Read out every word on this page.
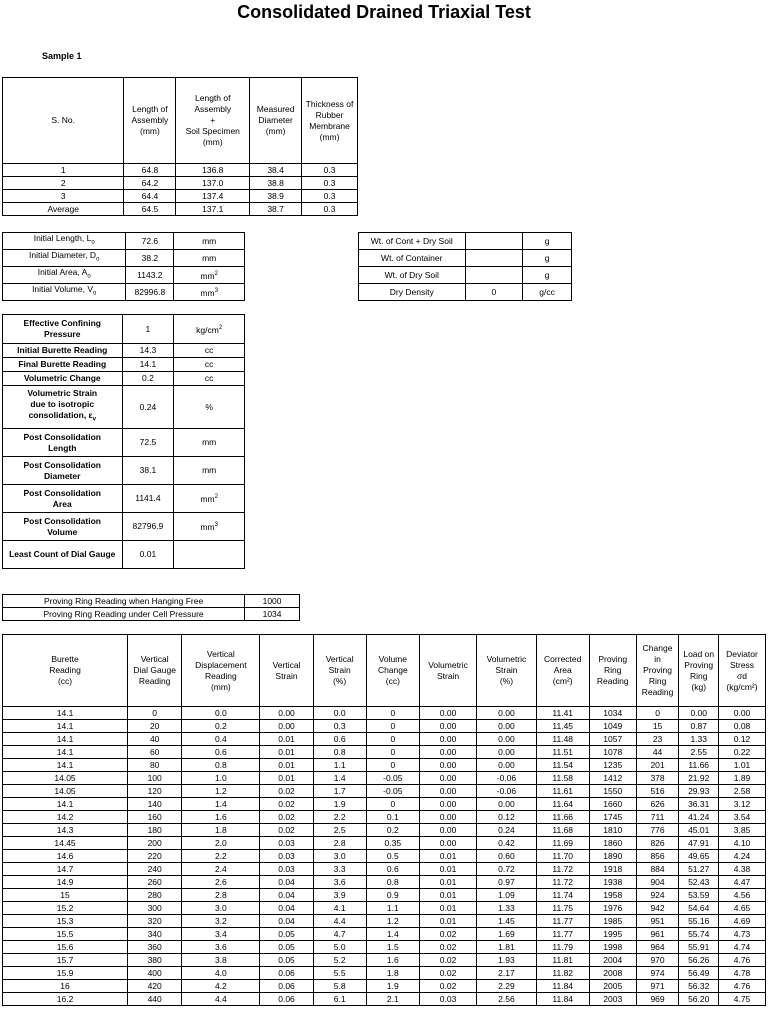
Consolidated Drained Triaxial Test
Sample 1
S. No.	Length of
Assembly
(mm)	Length of
Assembly
+
Soil Specimen
(mm)	Measured
Diameter
(mm)	Thickness of
Rubber
Membrane
(mm)
1	64.8	136.8	38.4	0.3
2	64.2	137.0	38.8	0.3
3	64.4	137.4	38.9	0.3
Average	64.5	137.1	38.7	0.3
Initial Length, $L_o$	72.6	mm
Initial Diameter, $D_o$	38.2	mm
Initial Area, $A_o$	1143.2	$mm^2$
Initial Volume, $V_o$	82996.8	$mm^3$
Wt. of Cont + Dry Soil		g
Wt. of Container		g
Wt. of Dry Soil		g
Dry Density	0	g/cc
Effective Confining
Pressure	1	$kg/cm^2$
Initial Burette Reading	14.3	cc
Final Burette Reading	14.1	cc
Volumetric Change	0.2	cc
Volumetric Strain
due to isotropic
consolidation, $\varepsilon_v$	0.24	%
Post Consolidation
Length	72.5	mm
Post Consolidation
Diameter	38.1	mm
Post Consolidation
Area	1141.4	$mm^2$
Post Consolidation
Volume	82796.9	$mm^3$
Least Count of Dial Gauge	0.01	
Proving Ring Reading when Hanging Free	1000
Proving Ring Reading under Cell Pressure	1034
Burette
Reading
(cc)	Vertical
Dial Gauge
Reading	Vertical
Displacement
Reading
(mm)	Vertical
Strain	Vertical
Strain
(%)	Volume
Change
(cc)	Volumetric
Strain	Volumetric
Strain
(%)	Corrected
Area
(cm²)	Proving
Ring
Reading	Change
in
Proving
Ring
Reading	Load on
Proving
Ring
(kg)	Deviator
Stress
σd
(kg/cm²)
14.1	0	0.0	0.00	0.0	0	0.00	0.00	11.41	1034	0	0.00	0.00
14.1	20	0.2	0.00	0.3	0	0.00	0.00	11.45	1049	15	0.87	0.08
14.1	40	0.4	0.01	0.6	0	0.00	0.00	11.48	1057	23	1.33	0.12
14.1	60	0.6	0.01	0.8	0	0.00	0.00	11.51	1078	44	2.55	0.22
14.1	80	0.8	0.01	1.1	0	0.00	0.00	11.54	1235	201	11.66	1.01
14.05	100	1.0	0.01	1.4	-0.05	0.00	-0.06	11.58	1412	378	21.92	1.89
14.05	120	1.2	0.02	1.7	-0.05	0.00	-0.06	11.61	1550	516	29.93	2.58
14.1	140	1.4	0.02	1.9	0	0.00	0.00	11.64	1660	626	36.31	3.12
14.2	160	1.6	0.02	2.2	0.1	0.00	0.12	11.66	1745	711	41.24	3.54
14.3	180	1.8	0.02	2.5	0.2	0.00	0.24	11.68	1810	776	45.01	3.85
14.45	200	2.0	0.03	2.8	0.35	0.00	0.42	11.69	1860	826	47.91	4.10
14.6	220	2.2	0.03	3.0	0.5	0.01	0.60	11.70	1890	856	49.65	4.24
14.7	240	2.4	0.03	3.3	0.6	0.01	0.72	11.72	1918	884	51.27	4.38
14.9	260	2.6	0.04	3.6	0.8	0.01	0.97	11.72	1938	904	52.43	4.47
15	280	2.8	0.04	3.9	0.9	0.01	1.09	11.74	1958	924	53.59	4.56
15.2	300	3.0	0.04	4.1	1.1	0.01	1.33	11.75	1976	942	54.64	4.65
15.3	320	3.2	0.04	4.4	1.2	0.01	1.45	11.77	1985	951	55.16	4.69
15.5	340	3.4	0.05	4.7	1.4	0.02	1.69	11.77	1995	961	55.74	4.73
15.6	360	3.6	0.05	5.0	1.5	0.02	1.81	11.79	1998	964	55.91	4.74
15.7	380	3.8	0.05	5.2	1.6	0.02	1.93	11.81	2004	970	56.26	4.76
15.9	400	4.0	0.06	5.5	1.8	0.02	2.17	11.82	2008	974	56.49	4.78
16	420	4.2	0.06	5.8	1.9	0.02	2.29	11.84	2005	971	56.32	4.76
16.2	440	4.4	0.06	6.1	2.1	0.03	2.56	11.84	2003	969	56.20	4.75
